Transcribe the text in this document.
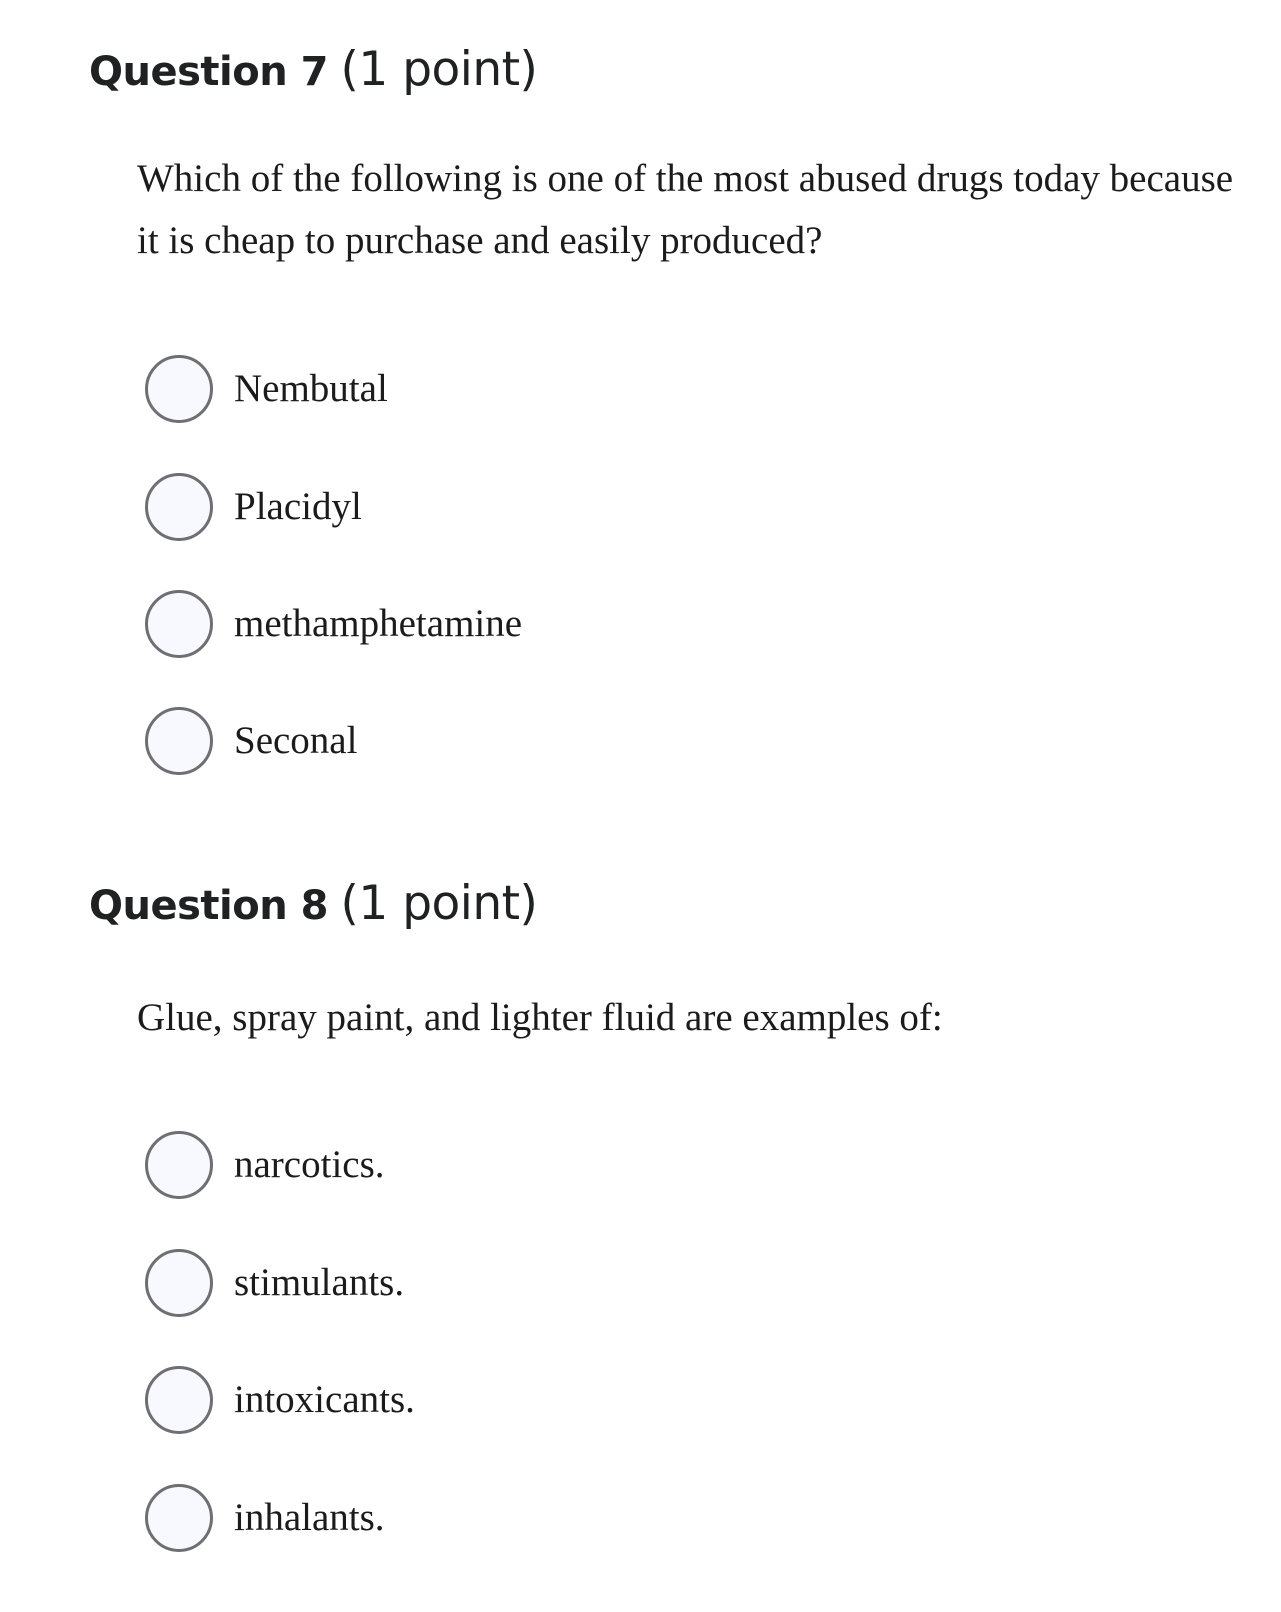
Question 7 (1 point)

Which of the following is one of the most abused drugs today because it is cheap to purchase and easily produced?

Nembutal
Placidyl
methamphetamine
Seconal
Question 8 (1 point)

Glue, spray paint, and lighter fluid are examples of:

narcotics.
stimulants.
intoxicants.
inhalants.
